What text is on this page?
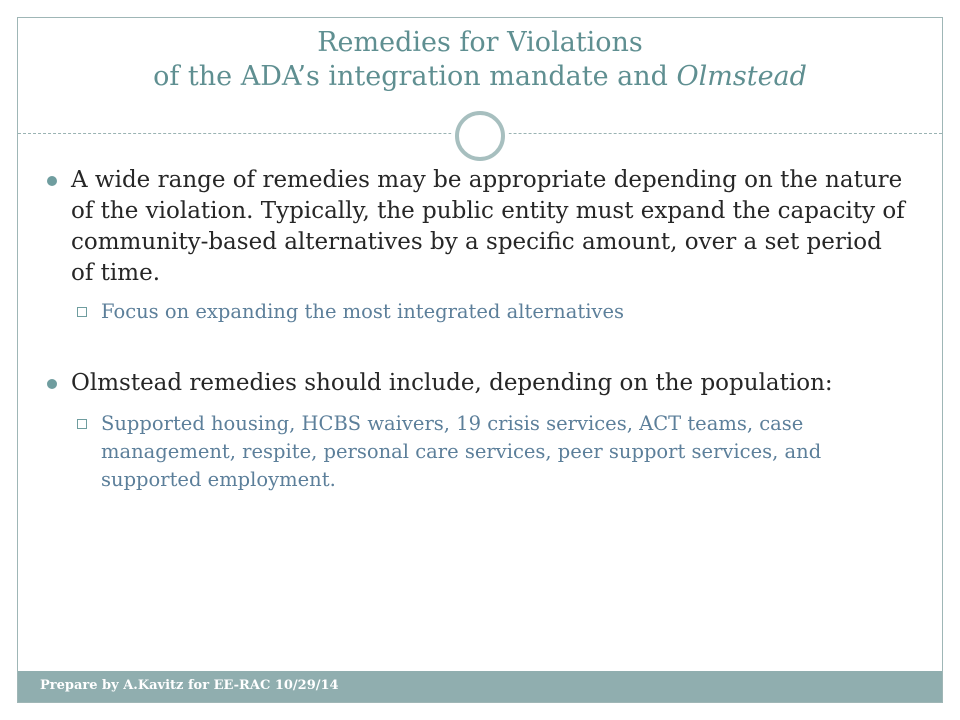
Remedies for Violations
of the ADA’s integration mandate and Olmstead
A wide range of remedies may be appropriate depending on the nature of the violation. Typically, the public entity must expand the capacity of community-based alternatives by a specific amount, over a set period of time.
Focus on expanding the most integrated alternatives
Olmstead remedies should include, depending on the population:
Supported housing, HCBS waivers, 19 crisis services, ACT teams, case management, respite, personal care services, peer support services, and supported employment.
Prepare by A.Kavitz for EE-RAC 10/29/14
